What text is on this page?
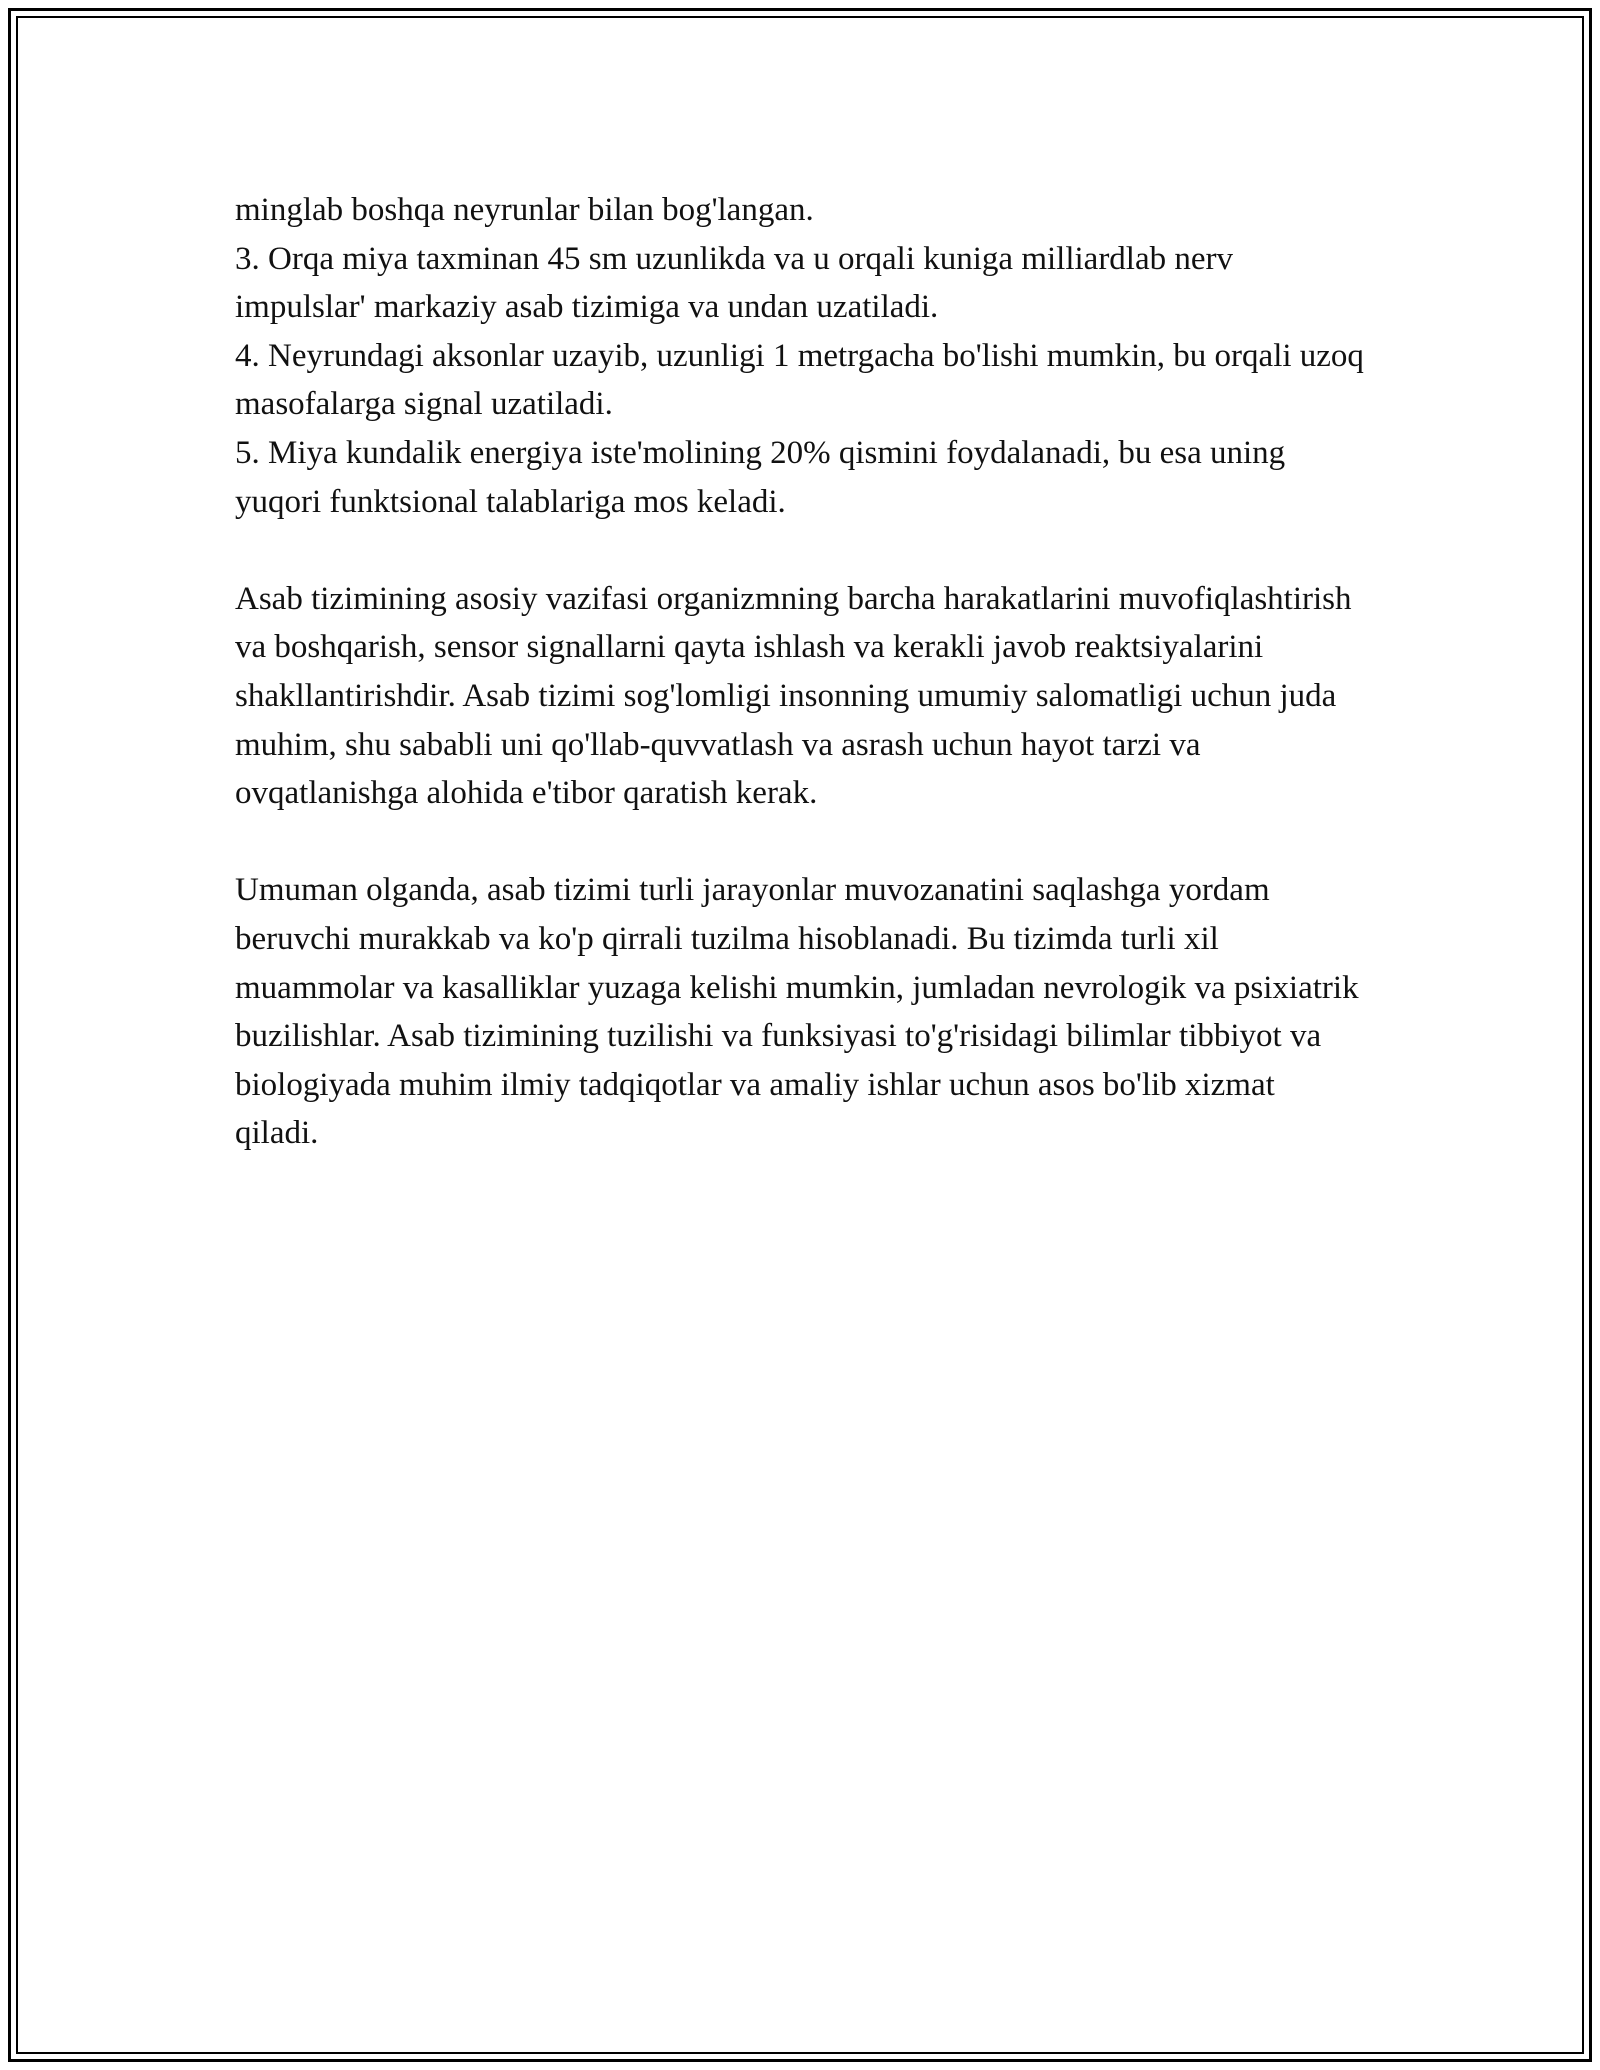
minglab boshqa neyrunlar bilan bog'langan.

3. Orqa miya taxminan 45 sm uzunlikda va u orqali kuniga milliardlab nerv impulslar' markaziy asab tizimiga va undan uzatiladi.

4. Neyrundagi aksonlar uzayib, uzunligi 1 metrgacha bo'lishi mumkin, bu orqali uzoq masofalarga signal uzatiladi.

5. Miya kundalik energiya iste'molining 20% qismini foydalanadi, bu esa uning yuqori funktsional talablariga mos keladi.

Asab tizimining asosiy vazifasi organizmning barcha harakatlarini muvofiqlashtirish va boshqarish, sensor signallarni qayta ishlash va kerakli javob reaktsiyalarini shakllantirishdir. Asab tizimi sog'lomligi insonning umumiy salomatligi uchun juda muhim, shu sababli uni qo'llab-quvvatlash va asrash uchun hayot tarzi va ovqatlanishga alohida e'tibor qaratish kerak.

Umuman olganda, asab tizimi turli jarayonlar muvozanatini saqlashga yordam beruvchi murakkab va ko'p qirrali tuzilma hisoblanadi. Bu tizimda turli xil muammolar va kasalliklar yuzaga kelishi mumkin, jumladan nevrologik va psixiatrik buzilishlar. Asab tizimining tuzilishi va funksiyasi to'g'risidagi bilimlar tibbiyot va biologiyada muhim ilmiy tadqiqotlar va amaliy ishlar uchun asos bo'lib xizmat qiladi.
